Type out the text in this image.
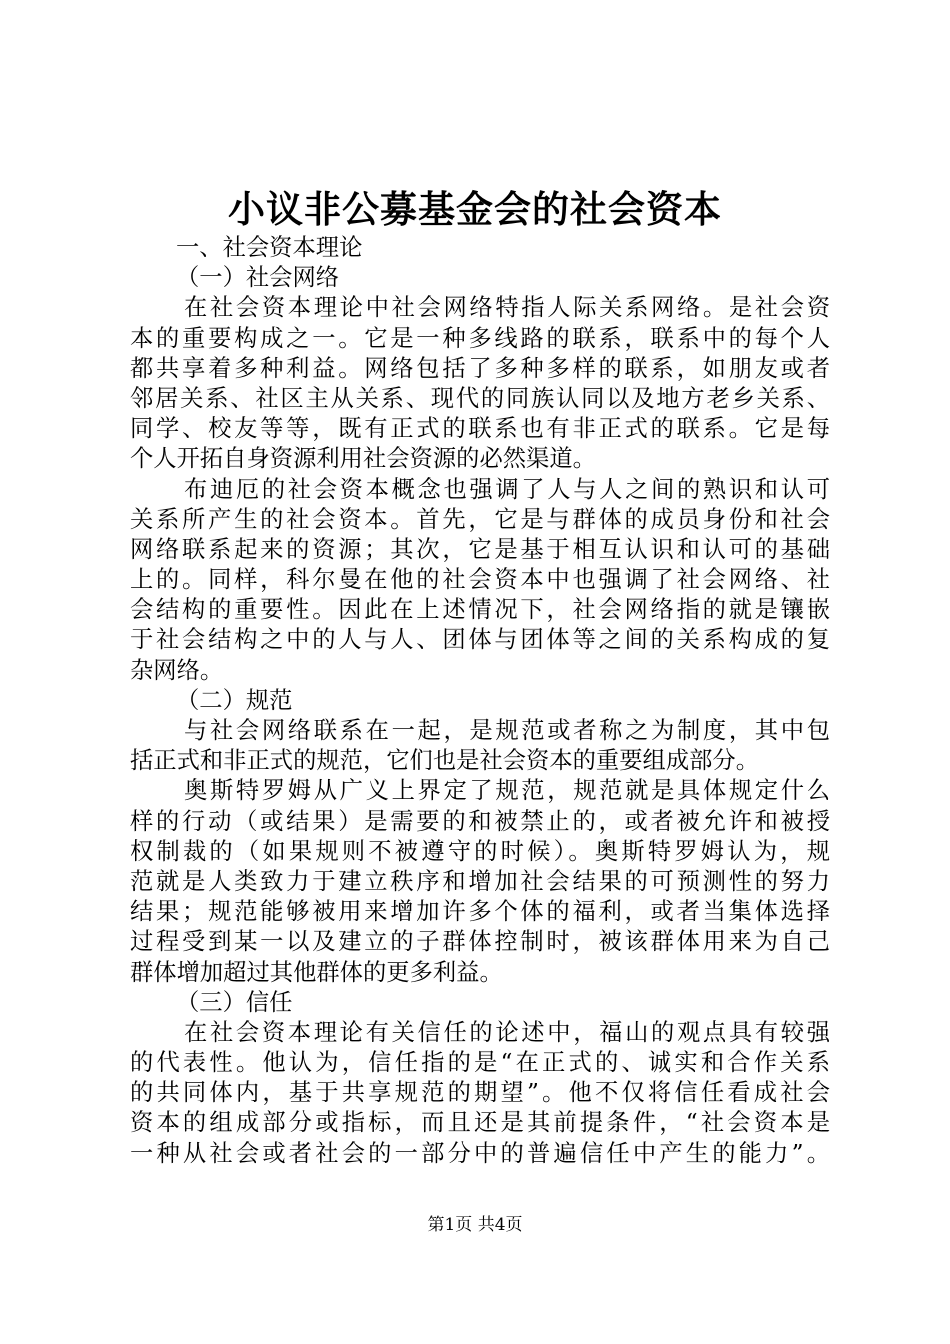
小议非公募基金会的社会资本
一、社会资本理论
（一）社会网络
在社会资本理论中社会网络特指人际关系网络。是社会资
本的重要构成之一。它是一种多线路的联系，联系中的每个人
都共享着多种利益。网络包括了多种多样的联系，如朋友或者
邻居关系、社区主从关系、现代的同族认同以及地方老乡关系、
同学、校友等等，既有正式的联系也有非正式的联系。它是每
个人开拓自身资源利用社会资源的必然渠道。
布迪厄的社会资本概念也强调了人与人之间的熟识和认可
关系所产生的社会资本。首先，它是与群体的成员身份和社会
网络联系起来的资源；其次，它是基于相互认识和认可的基础
上的。同样，科尔曼在他的社会资本中也强调了社会网络、社
会结构的重要性。因此在上述情况下，社会网络指的就是镶嵌
于社会结构之中的人与人、团体与团体等之间的关系构成的复
杂网络。
（二）规范
与社会网络联系在一起，是规范或者称之为制度，其中包
括正式和非正式的规范，它们也是社会资本的重要组成部分。
奥斯特罗姆从广义上界定了规范，规范就是具体规定什么
样的行动（或结果）是需要的和被禁止的，或者被允许和被授
权制裁的（如果规则不被遵守的时候）。奥斯特罗姆认为，规
范就是人类致力于建立秩序和增加社会结果的可预测性的努力
结果；规范能够被用来增加许多个体的福利，或者当集体选择
过程受到某一以及建立的子群体控制时，被该群体用来为自己
群体增加超过其他群体的更多利益。
（三）信任
在社会资本理论有关信任的论述中，福山的观点具有较强
的代表性。他认为，信任指的是“在正式的、诚实和合作关系
的共同体内，基于共享规范的期望”。他不仅将信任看成社会
资本的组成部分或指标，而且还是其前提条件，“社会资本是
一种从社会或者社会的一部分中的普遍信任中产生的能力”。
第1页 共4页
